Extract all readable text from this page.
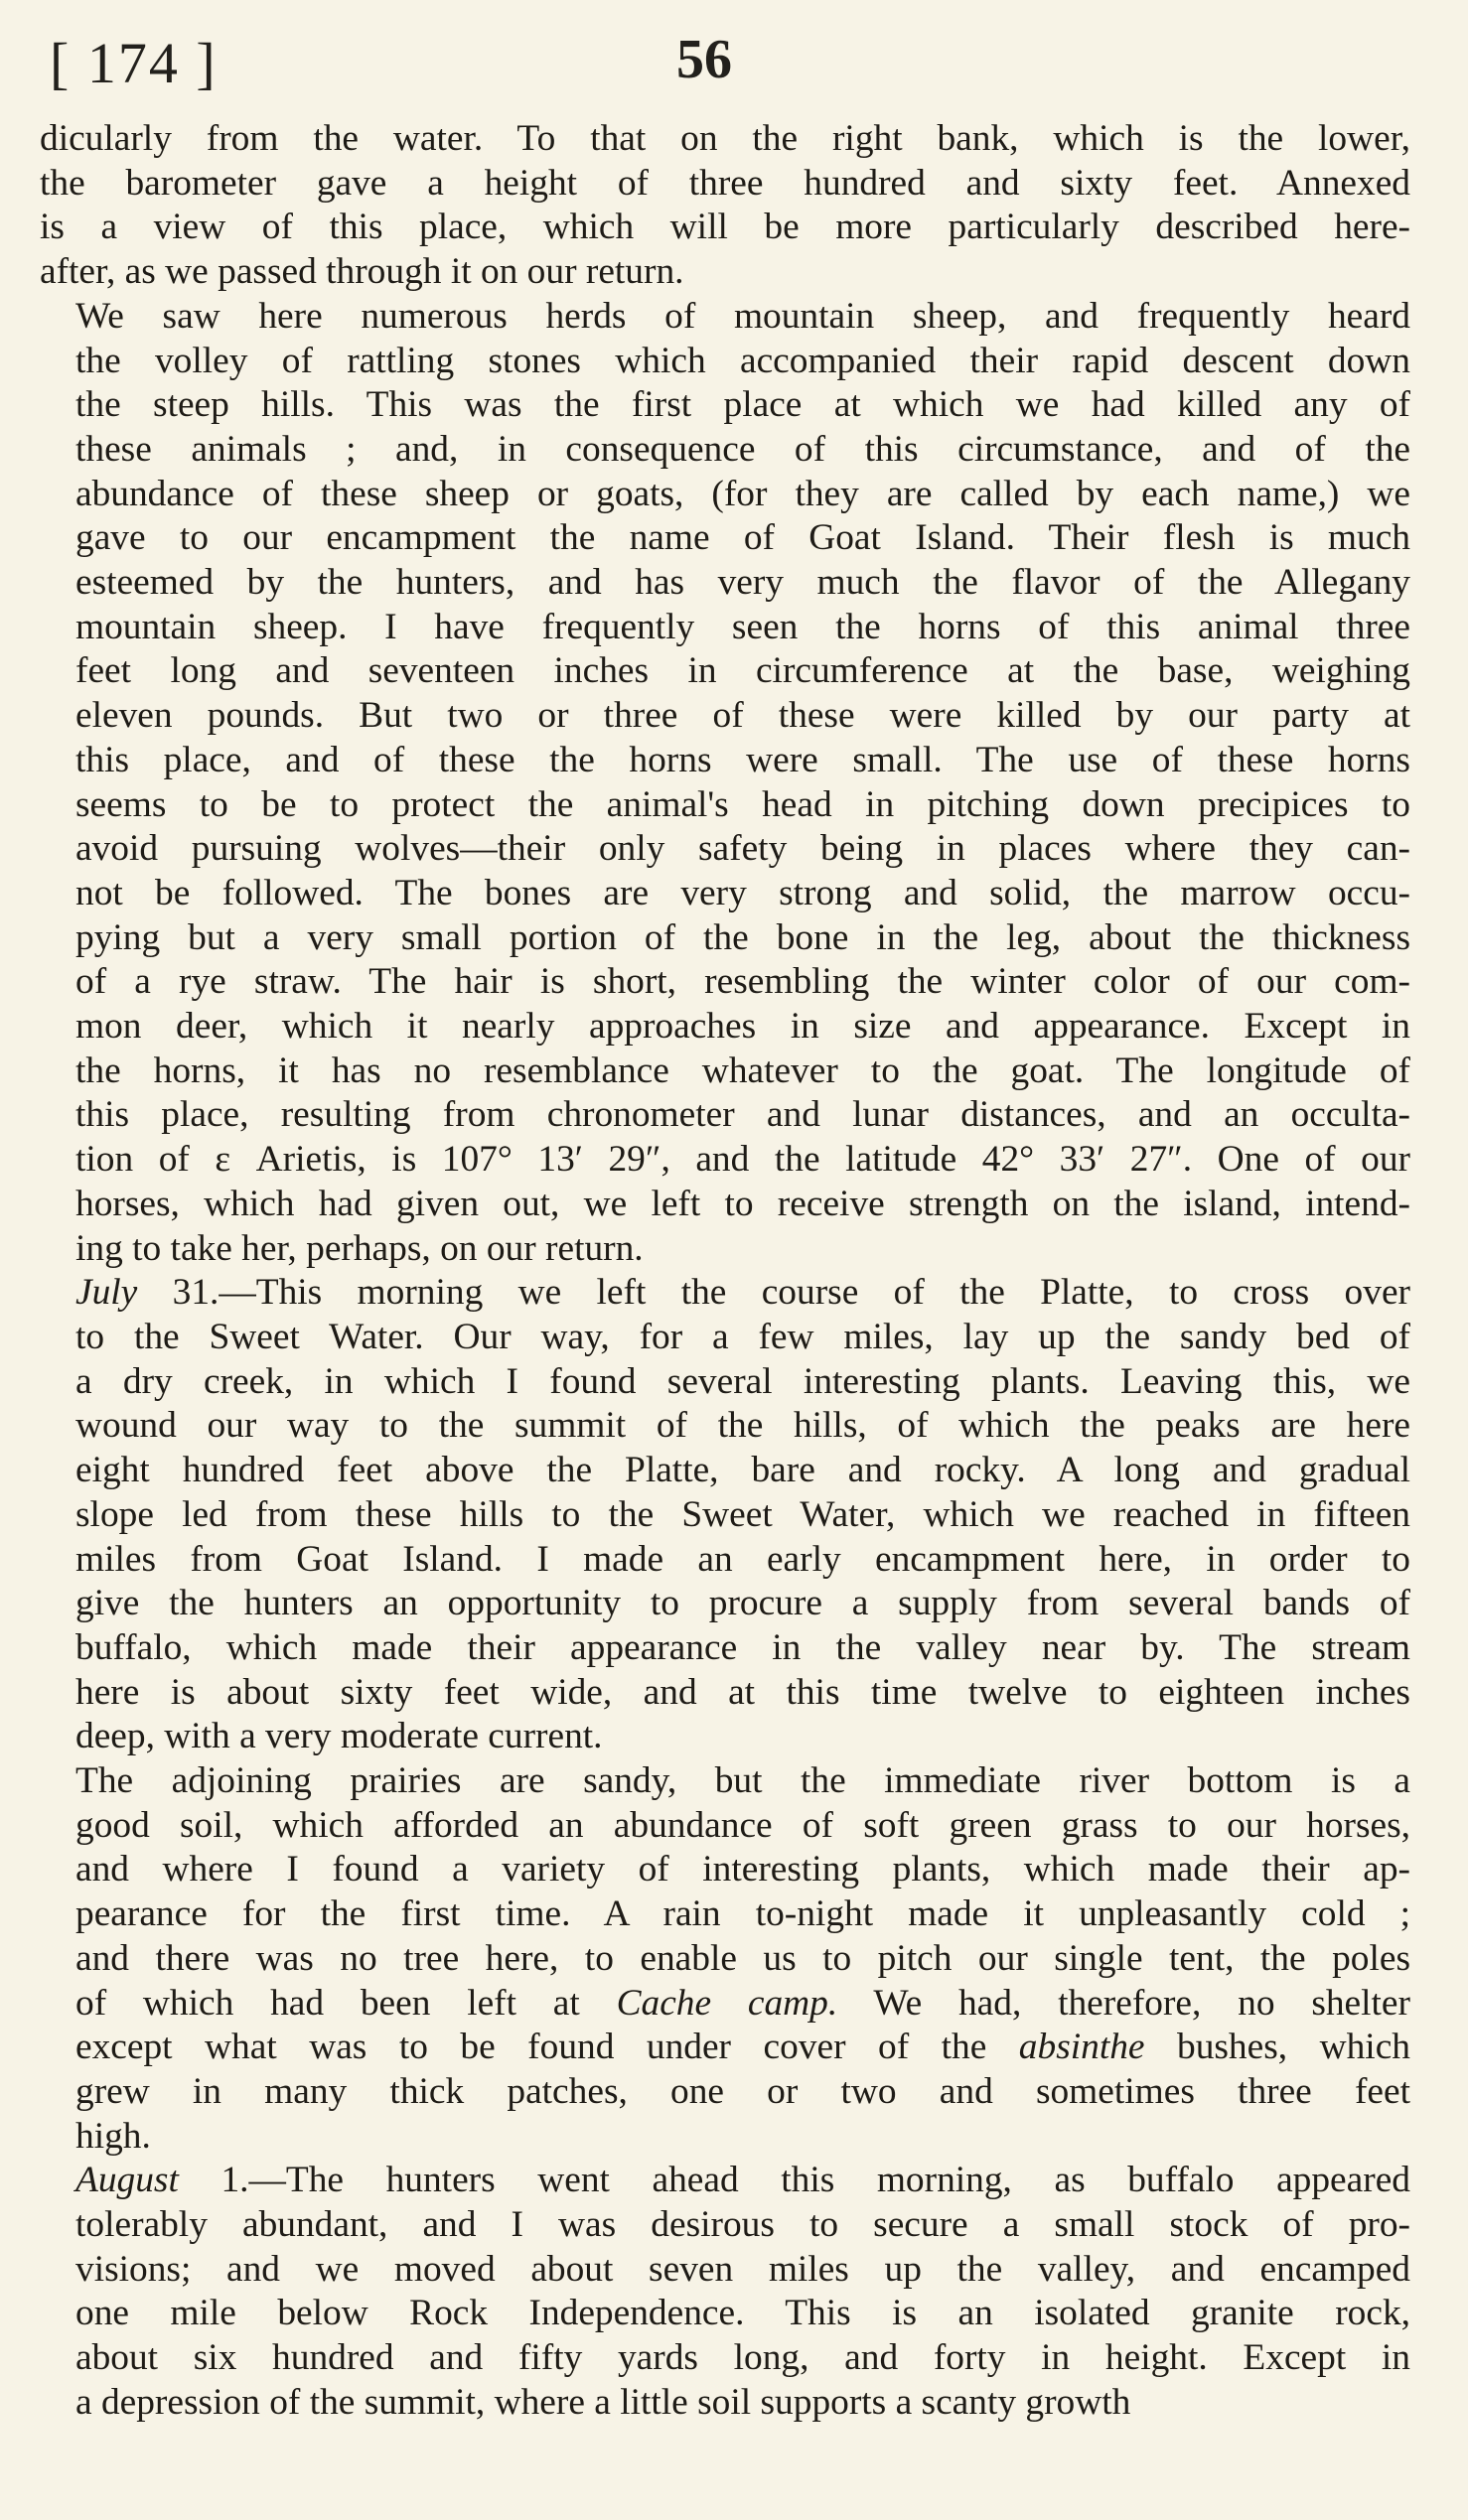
[ 174 ]	56

dicularly from the water. To that on the right bank, which is the lower,
the barometer gave a height of three hundred and sixty feet. Annexed
is a view of this place, which will be more particularly described here-
after, as we passed through it on our return.

We saw here numerous herds of mountain sheep, and frequently heard
the volley of rattling stones which accompanied their rapid descent down
the steep hills. This was the first place at which we had killed any of
these animals ; and, in consequence of this circumstance, and of the
abundance of these sheep or goats, (for they are called by each name,) we
gave to our encampment the name of Goat Island. Their flesh is much
esteemed by the hunters, and has very much the flavor of the Allegany
mountain sheep. I have frequently seen the horns of this animal three
feet long and seventeen inches in circumference at the base, weighing
eleven pounds. But two or three of these were killed by our party at
this place, and of these the horns were small. The use of these horns
seems to be to protect the animal's head in pitching down precipices to
avoid pursuing wolves—their only safety being in places where they can-
not be followed. The bones are very strong and solid, the marrow occu-
pying but a very small portion of the bone in the leg, about the thickness
of a rye straw. The hair is short, resembling the winter color of our com-
mon deer, which it nearly approaches in size and appearance. Except in
the horns, it has no resemblance whatever to the goat. The longitude of
this place, resulting from chronometer and lunar distances, and an occulta-
tion of ε Arietis, is 107° 13′ 29″, and the latitude 42° 33′ 27″. One of our
horses, which had given out, we left to receive strength on the island, intend-
ing to take her, perhaps, on our return.

July 31.—This morning we left the course of the Platte, to cross over
to the Sweet Water. Our way, for a few miles, lay up the sandy bed of
a dry creek, in which I found several interesting plants. Leaving this, we
wound our way to the summit of the hills, of which the peaks are here
eight hundred feet above the Platte, bare and rocky. A long and gradual
slope led from these hills to the Sweet Water, which we reached in fifteen
miles from Goat Island. I made an early encampment here, in order to
give the hunters an opportunity to procure a supply from several bands of
buffalo, which made their appearance in the valley near by. The stream
here is about sixty feet wide, and at this time twelve to eighteen inches
deep, with a very moderate current.

The adjoining prairies are sandy, but the immediate river bottom is a
good soil, which afforded an abundance of soft green grass to our horses,
and where I found a variety of interesting plants, which made their ap-
pearance for the first time. A rain to-night made it unpleasantly cold ;
and there was no tree here, to enable us to pitch our single tent, the poles
of which had been left at Cache camp. We had, therefore, no shelter
except what was to be found under cover of the absinthe bushes, which
grew in many thick patches, one or two and sometimes three feet
high.

August 1.—The hunters went ahead this morning, as buffalo appeared
tolerably abundant, and I was desirous to secure a small stock of pro-
visions; and we moved about seven miles up the valley, and encamped
one mile below Rock Independence. This is an isolated granite rock,
about six hundred and fifty yards long, and forty in height. Except in
a depression of the summit, where a little soil supports a scanty growth
